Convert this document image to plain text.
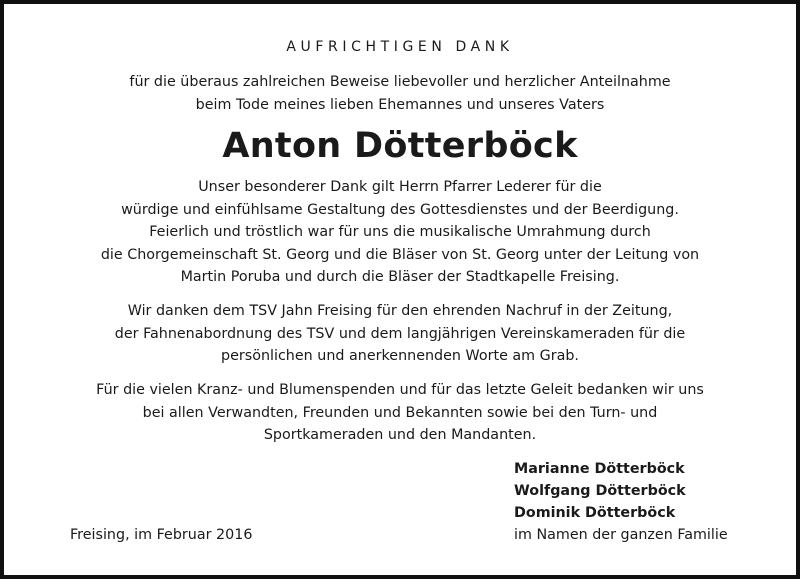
AUFRICHTIGEN DANK
für die überaus zahlreichen Beweise liebevoller und herzlicher Anteilnahme
beim Tode meines lieben Ehemannes und unseres Vaters
Anton Dötterböck
Unser besonderer Dank gilt Herrn Pfarrer Lederer für die
würdige und einfühlsame Gestaltung des Gottesdienstes und der Beerdigung.
Feierlich und tröstlich war für uns die musikalische Umrahmung durch
die Chorgemeinschaft St. Georg und die Bläser von St. Georg unter der Leitung von
Martin Poruba und durch die Bläser der Stadtkapelle Freising.
Wir danken dem TSV Jahn Freising für den ehrenden Nachruf in der Zeitung,
der Fahnenabordnung des TSV und dem langjährigen Vereinskameraden für die
persönlichen und anerkennenden Worte am Grab.
Für die vielen Kranz- und Blumenspenden und für das letzte Geleit bedanken wir uns
bei allen Verwandten, Freunden und Bekannten sowie bei den Turn- und
Sportkameraden und den Mandanten.
Marianne Dötterböck
Wolfgang Dötterböck
Dominik Dötterböck
im Namen der ganzen Familie
Freising, im Februar 2016
